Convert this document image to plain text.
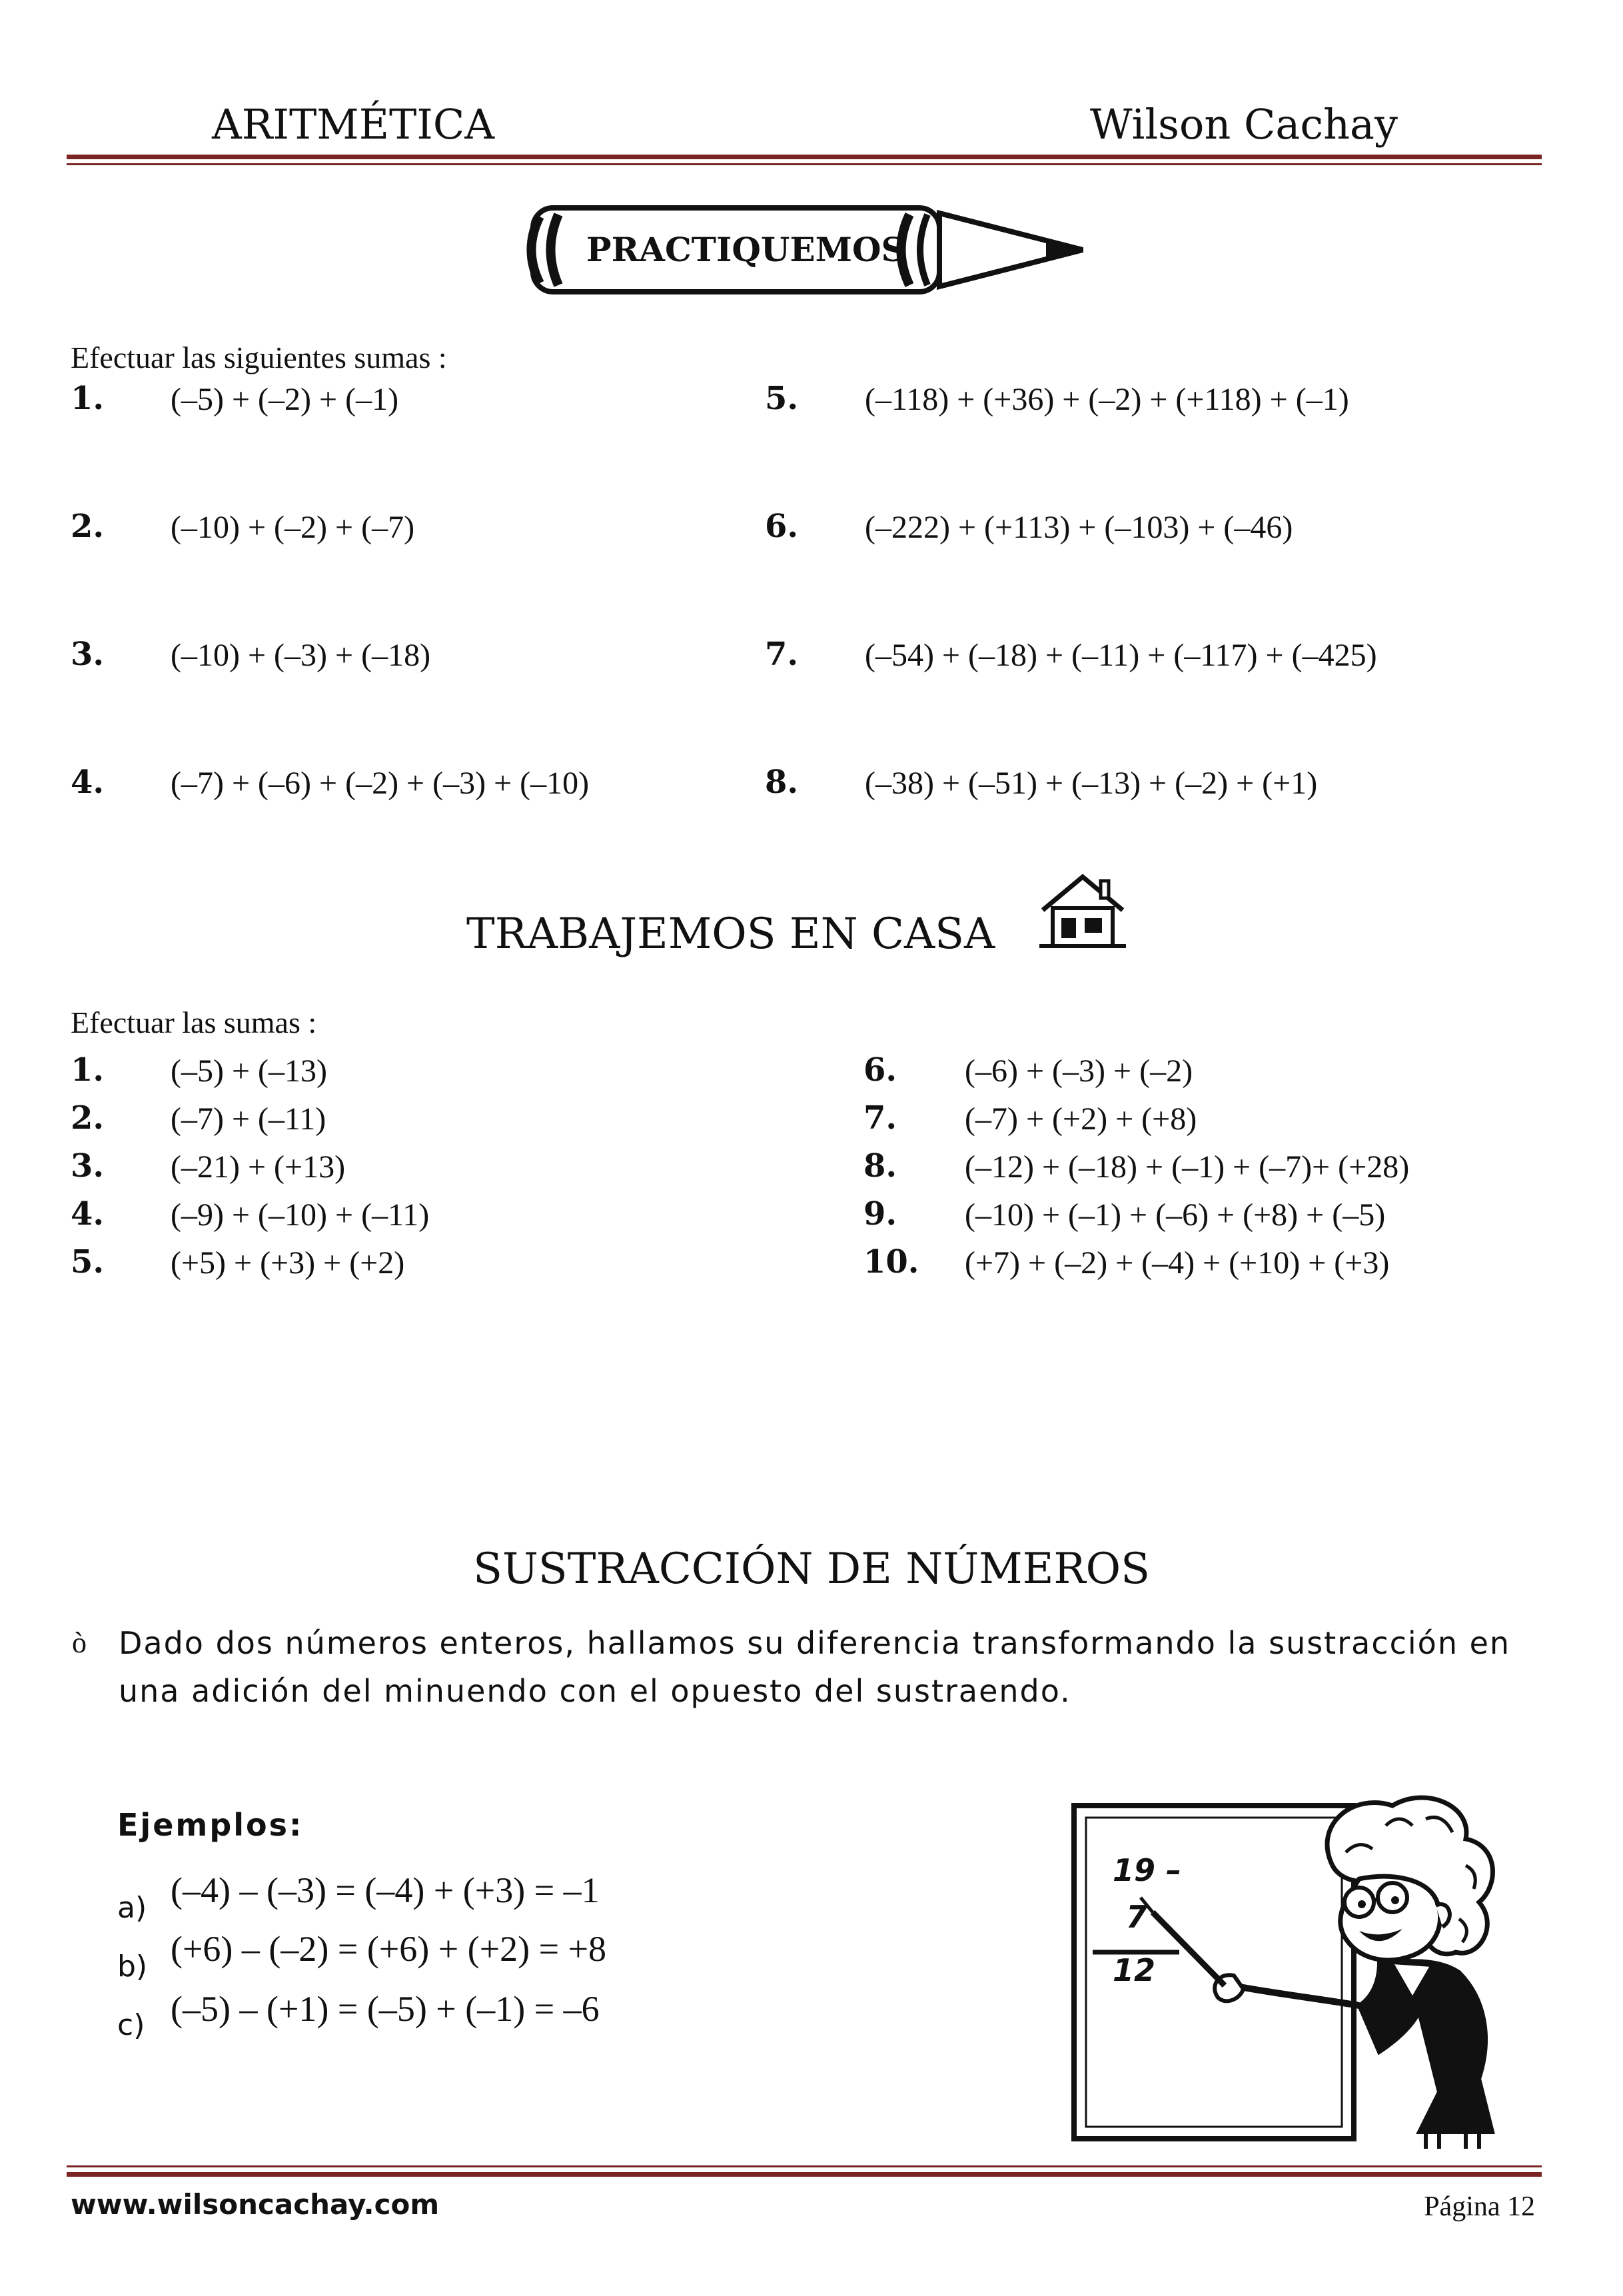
ARITMÉTICA	Wilson Cachay
PRACTIQUEMOS
Efectuar las siguientes sumas :
1. (–5) + (–2) + (–1)
2. (–10) + (–2) + (–7)
3. (–10) + (–3) + (–18)
4. (–7) + (–6) + (–2) + (–3) + (–10)
5. (–118) + (+36) + (–2) + (+118) + (–1)
6. (–222) + (+113) + (–103) + (–46)
7. (–54) + (–18) + (–11) + (–117) + (–425)
8. (–38) + (–51) + (–13) + (–2) + (+1)
TRABAJEMOS EN CASA
Efectuar las sumas :
1. (–5) + (–13)
2. (–7) + (–11)
3. (–21) + (+13)
4. (–9) + (–10) + (–11)
5. (+5) + (+3) + (+2)
6. (–6) + (–3) + (–2)
7. (–7) + (+2) + (+8)
8. (–12) + (–18) + (–1) + (–7)+ (+28)
9. (–10) + (–1) + (–6) + (+8) + (–5)
10. (+7) + (–2) + (–4) + (+10) + (+3)
SUSTRACCIÓN DE NÚMEROS
ò Dado dos números enteros, hallamos su diferencia transformando la sustracción en
una adición del minuendo con el opuesto del sustraendo.
Ejemplos:
a) (–4) – (–3) = (–4) + (+3) = –1
b) (+6) – (–2) = (+6) + (+2) = +8
c) (–5) – (+1) = (–5) + (–1) = –6
19 –
7
12
www.wilsoncachay.com	Página 12
